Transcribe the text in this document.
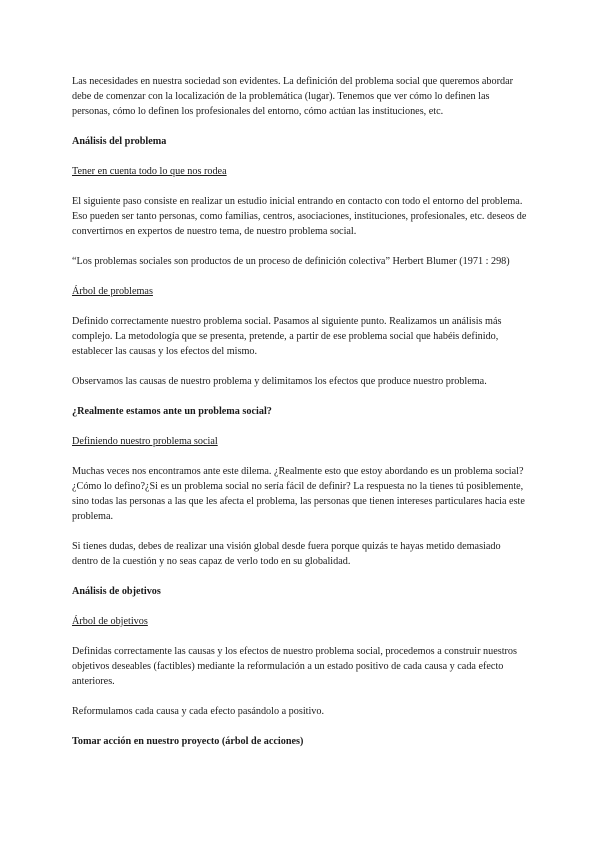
Las necesidades en nuestra sociedad son evidentes. La definición del problema social que queremos abordar debe de comenzar con la localización de la problemática (lugar). Tenemos que ver cómo lo definen las personas, cómo lo definen los profesionales del entorno, cómo actúan las instituciones, etc.

Análisis del problema

Tener en cuenta todo lo que nos rodea

El siguiente paso consiste en realizar un estudio inicial entrando en contacto con todo el entorno del problema. Eso pueden ser tanto personas, como familias, centros, asociaciones, instituciones, profesionales, etc. deseos de convertirnos en expertos de nuestro tema, de nuestro problema social.

“Los problemas sociales son productos de un proceso de definición colectiva” Herbert Blumer (1971 : 298)

Árbol de problemas

Definido correctamente nuestro problema social. Pasamos al siguiente punto. Realizamos un análisis más complejo. La metodología que se presenta, pretende, a partir de ese problema social que habéis definido, establecer las causas y los efectos del mismo.

Observamos las causas de nuestro problema y delimitamos los efectos que produce nuestro problema.

¿Realmente estamos ante un problema social?

Definiendo nuestro problema social

Muchas veces nos encontramos ante este dilema. ¿Realmente esto que estoy abordando es un problema social?¿Cómo lo defino?¿Si es un problema social no sería fácil de definir? La respuesta no la tienes tú posiblemente, sino todas las personas a las que les afecta el problema, las personas que tienen intereses particulares hacia este problema.

Si tienes dudas, debes de realizar una visión global desde fuera porque quizás te hayas metido demasiado dentro de la cuestión y no seas capaz de verlo todo en su globalidad.

Análisis de objetivos

Árbol de objetivos

Definidas correctamente las causas y los efectos de nuestro problema social, procedemos a construir nuestros objetivos deseables (factibles) mediante la reformulación a un estado positivo de cada causa y cada efecto anteriores.

Reformulamos cada causa y cada efecto pasándolo a positivo.

Tomar acción en nuestro proyecto (árbol de acciones)
